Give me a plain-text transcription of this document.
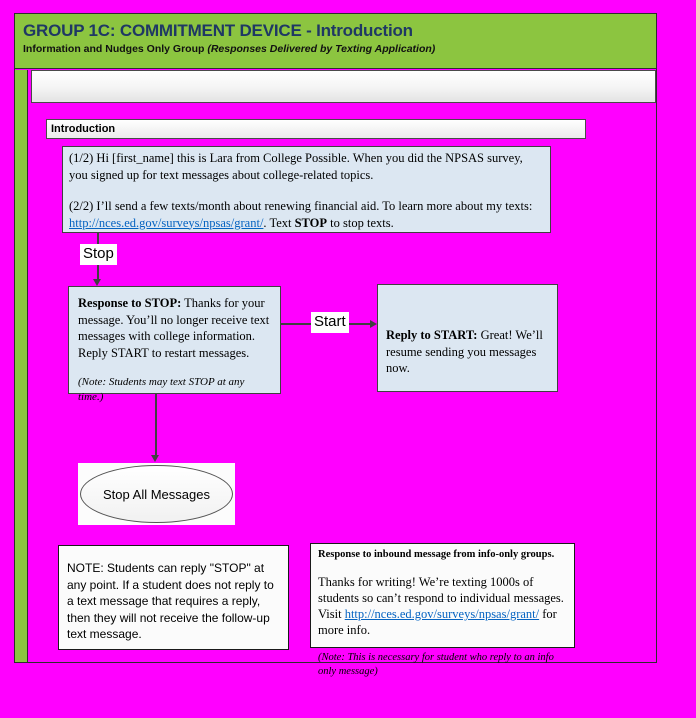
GROUP 1C: COMMITMENT DEVICE - Introduction
Information and Nudges Only Group (Responses Delivered by Texting Application)
Introduction

(1/2) Hi [first_name] this is Lara from College Possible. When you did the NPSAS survey, you signed up for text messages about college-related topics.

(2/2) I’ll send a few texts/month about renewing financial aid. To learn more about my texts: http://nces.ed.gov/surveys/npsas/grant/. Text STOP to stop texts.

Stop

Response to STOP: Thanks for your message. You’ll no longer receive text messages with college information. Reply START to restart messages.

(Note: Students may text STOP at any time.)

Start

Reply to START: Great! We’ll resume sending you messages now.

Stop All Messages

NOTE: Students can reply "STOP" at any point. If a student does not reply to a text message that requires a reply, then they will not receive the follow-up text message.

Response to inbound message from info-only groups.

Thanks for writing! We’re texting 1000s of students so can’t respond to individual messages. Visit http://nces.ed.gov/surveys/npsas/grant/ for more info.

(Note: This is necessary for student who reply to an info only message)
